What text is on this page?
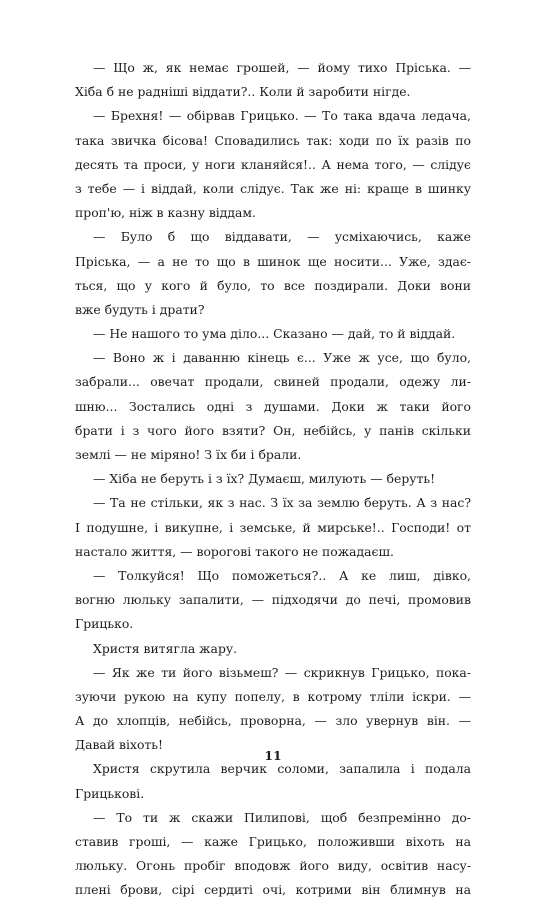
— Що ж, як немає грошей, — йому тихо Пріська. —
Хіба б не радніші віддати?.. Коли й заробити нігде.
— Брехня! — обірвав Грицько. — То така вдача ледача,
така звичка бісова! Сповадились так: ходи по їх разів по
десять та проси, у ноги кланяйся!.. А нема того, — слідує
з тебе — і віддай, коли слідує. Так же ні: краще в шинку
проп'ю, ніж в казну віддам.
— Було б що віддавати, — усміхаючись, каже
Пріська, — а не то що в шинок ще носити... Уже, здає-
ться, що у кого й було, то все поздирали. Доки вони
вже будуть і драти?
— Не нашого то ума діло... Сказано — дай, то й віддай.
— Воно ж і даванню кінець є... Уже ж усе, що було,
забрали... овечат продали, свиней продали, одежу ли-
шню... Зостались одні з душами. Доки ж таки його
брати і з чого його взяти? Он, небійсь, у панів скільки
землі — не міряно! З їх би і брали.
— Хіба не беруть і з їх? Думаєш, милують — беруть!
— Та не стільки, як з нас. З їх за землю беруть. А з нас?
І подушне, і викупне, і земське, й мирське!.. Господи! от
настало життя, — ворогові такого не пожадаєш.
— Толкуйся! Що поможеться?.. А ке лиш, дівко,
вогню люльку запалити, — підходячи до печі, промовив
Грицько.
Христя витягла жару.
— Як же ти його візьмеш? — скрикнув Грицько, пока-
зуючи рукою на купу попелу, в котрому тліли іскри. —
А до хлопців, небійсь, проворна, — зло увернув він. —
Давай віхоть!
Христя скрутила верчик соломи, запалила і подала
Грицькові.
— То ти ж скажи Пилипові, щоб безпремінно до-
ставив гроші, — каже Грицько, положивши віхоть на
люльку. Огонь пробіг вподовж його виду, освітив насу-
плені брови, сірі сердиті очі, котрими він блимнув на
11
